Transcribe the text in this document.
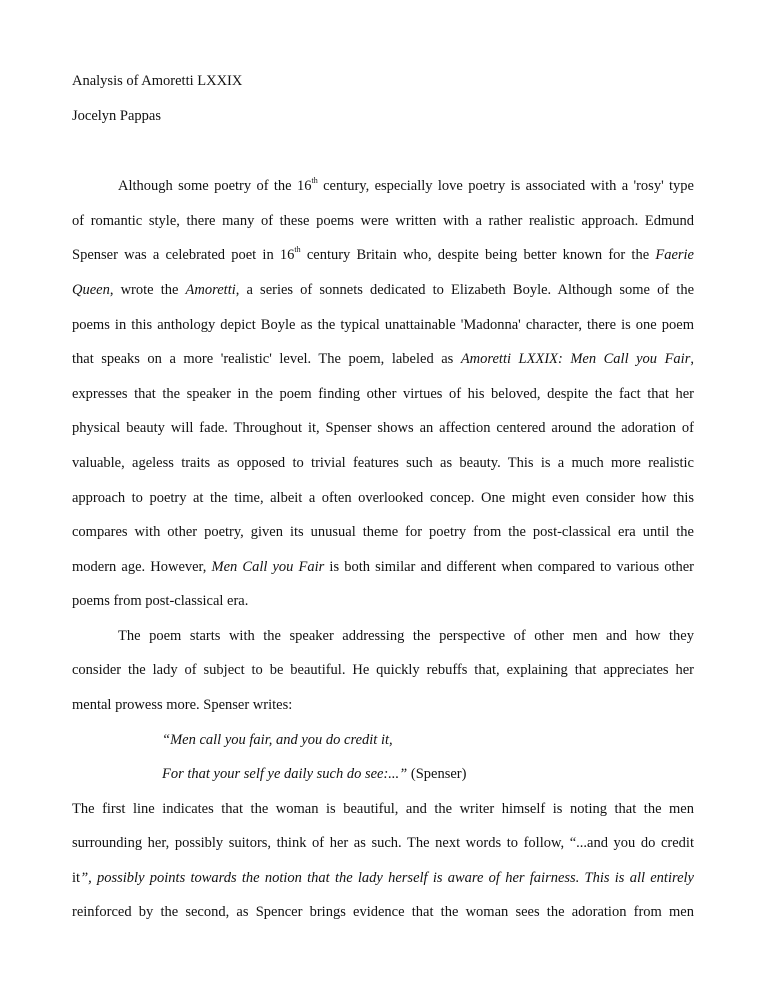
Analysis of Amoretti LXXIX
Jocelyn Pappas
Although some poetry of the 16th century, especially love poetry is associated with a 'rosy' type
of romantic style, there many of these poems were written with a rather realistic approach. Edmund
Spenser was a celebrated poet in 16th century Britain who, despite being better known for the Faerie
Queen, wrote the Amoretti, a series of sonnets dedicated to Elizabeth Boyle. Although some of the
poems in this anthology depict Boyle as the typical unattainable 'Madonna' character, there is one poem
that speaks on a more 'realistic' level. The poem, labeled as Amoretti LXXIX: Men Call you Fair,
expresses that the speaker in the poem finding other virtues of his beloved, despite the fact that her
physical beauty will fade. Throughout it, Spenser shows an affection centered around the adoration of
valuable, ageless traits as opposed to trivial features such as beauty. This is a much more realistic
approach to poetry at the time, albeit a often overlooked concep. One might even consider how this
compares with other poetry, given its unusual theme for poetry from the post-classical era until the
modern age. However, Men Call you Fair is both similar and different when compared to various other
poems from post-classical era.
The poem starts with the speaker addressing the perspective of other men and how they
consider the lady of subject to be beautiful. He quickly rebuffs that, explaining that appreciates her
mental prowess more. Spenser writes:
“Men call you fair, and you do credit it,
For that your self ye daily such do see:...” (Spenser)
The first line indicates that the woman is beautiful, and the writer himself is noting that the men
surrounding her, possibly suitors, think of her as such. The next words to follow, “...and you do credit
it”, possibly points towards the notion that the lady herself is aware of her fairness. This is all entirely
reinforced by the second, as Spencer brings evidence that the woman sees the adoration from men
